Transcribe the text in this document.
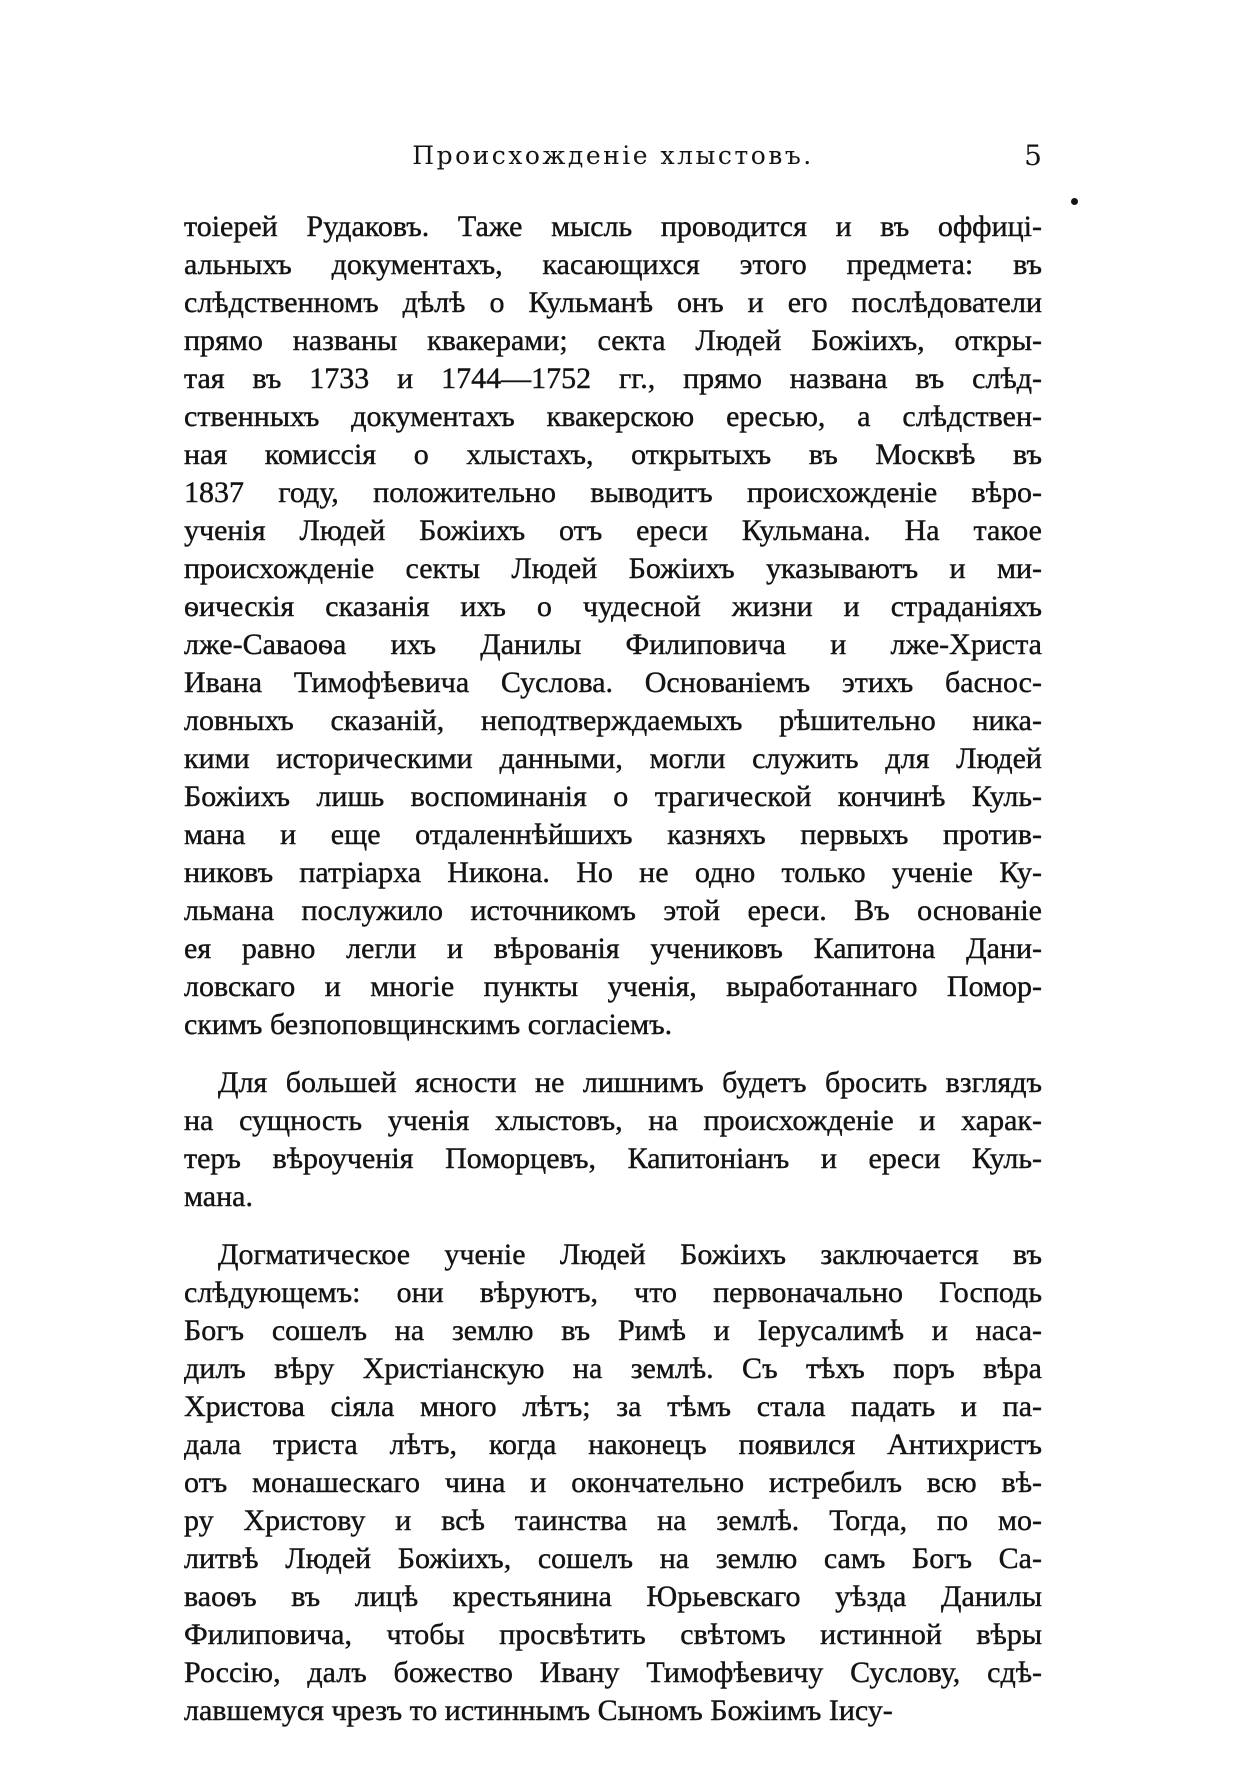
Происхожденіе хлыстовъ.	5
тоіерей Рудаковъ. Таже мысль проводится и въ оффиці-
альныхъ документахъ, касающихся этого предмета: въ
слѣдственномъ дѣлѣ о Кульманѣ онъ и его послѣдователи
прямо названы квакерами; секта Людей Божіихъ, откры-
тая въ 1733 и 1744—1752 гг., прямо названа въ слѣд-
ственныхъ документахъ квакерскою ересью, а слѣдствен-
ная комиссія о хлыстахъ, открытыхъ въ Москвѣ въ
1837 году, положительно выводитъ происхожденіе вѣро-
ученія Людей Божіихъ отъ ереси Кульмана. На такое
происхожденіе секты Людей Божіихъ указываютъ и ми-
ѳическія сказанія ихъ о чудесной жизни и страданіяхъ
лже-Саваоѳа ихъ Данилы Филиповича и лже-Христа
Ивана Тимофѣевича Суслова. Основаніемъ этихъ баснос-
ловныхъ сказаній, неподтверждаемыхъ рѣшительно ника-
кими историческими данными, могли служить для Людей
Божіихъ лишь воспоминанія о трагической кончинѣ Куль-
мана и еще отдаленнѣйшихъ казняхъ первыхъ против-
никовъ патріарха Никона. Но не одно только ученіе Ку-
льмана послужило источникомъ этой ереси. Въ основаніе
ея равно легли и вѣрованія учениковъ Капитона Дани-
ловскаго и многіе пункты ученія, выработаннаго Помор-
скимъ безпоповщинскимъ согласіемъ.
Для большей ясности не лишнимъ будетъ бросить взглядъ
на сущность ученія хлыстовъ, на происхожденіе и харак-
теръ вѣроученія Поморцевъ, Капитоніанъ и ереси Куль-
мана.
Догматическое ученіе Людей Божіихъ заключается въ
слѣдующемъ: они вѣруютъ, что первоначально Господь
Богъ сошелъ на землю въ Римѣ и Іерусалимѣ и наса-
дилъ вѣру Христіанскую на землѣ. Съ тѣхъ поръ вѣра
Христова сіяла много лѣтъ; за тѣмъ стала падать и па-
дала триста лѣтъ, когда наконецъ появился Антихристъ
отъ монашескаго чина и окончательно истребилъ всю вѣ-
ру Христову и всѣ таинства на землѣ. Тогда, по мо-
литвѣ Людей Божіихъ, сошелъ на землю самъ Богъ Са-
ваоѳъ въ лицѣ крестьянина Юрьевскаго уѣзда Данилы
Филиповича, чтобы просвѣтить свѣтомъ истинной вѣры
Россію, далъ божество Ивану Тимофѣевичу Суслову, сдѣ-
лавшемуся чрезъ то истиннымъ Сыномъ Божіимъ Іису-
